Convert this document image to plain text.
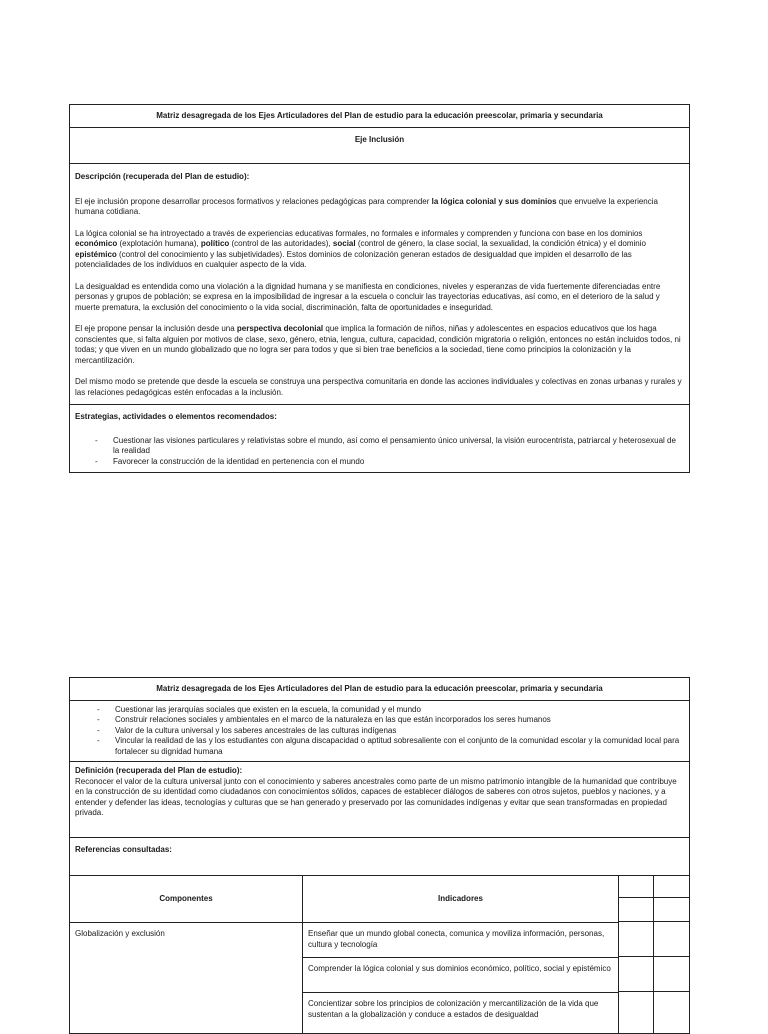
Matriz desagregada de los Ejes Articuladores del Plan de estudio para la educación preescolar, primaria y secundaria
Eje Inclusión

Descripción (recuperada del Plan de estudio):

El eje inclusión propone desarrollar procesos formativos y relaciones pedagógicas para comprender la lógica colonial y sus dominios que envuelve la experiencia humana cotidiana.

La lógica colonial se ha introyectado a través de experiencias educativas formales, no formales e informales y comprenden y funciona con base en los dominios económico (explotación humana), político (control de las autoridades), social (control de género, la clase social, la sexualidad, la condición étnica) y el dominio epistémico (control del conocimiento y las subjetividades). Estos dominios de colonización generan estados de desigualdad que impiden el desarrollo de las potencialidades de los individuos en cualquier aspecto de la vida.

La desigualdad es entendida como una violación a la dignidad humana y se manifiesta en condiciones, niveles y esperanzas de vida fuertemente diferenciadas entre personas y grupos de población; se expresa en la imposibilidad de ingresar a la escuela o concluir las trayectorias educativas, así como, en el deterioro de la salud y muerte prematura, la exclusión del conocimiento o la vida social, discriminación, falta de oportunidades e inseguridad.

El eje propone pensar la inclusión desde una perspectiva decolonial que implica la formación de niños, niñas y adolescentes en espacios educativos que los haga conscientes que, si falta alguien por motivos de clase, sexo, género, etnia, lengua, cultura, capacidad, condición migratoria o religión, entonces no están incluidos todos, ni todas; y que viven en un mundo globalizado que no logra ser para todos y que si bien trae beneficios a la sociedad, tiene como principios la colonización y la mercantilización.

Del mismo modo se pretende que desde la escuela se construya una perspectiva comunitaria en donde las acciones individuales y colectivas en zonas urbanas y rurales y las relaciones pedagógicas estén enfocadas a la inclusión.

Estrategias, actividades o elementos recomendados:

- Cuestionar las visiones particulares y relativistas sobre el mundo, así como el pensamiento único universal, la visión eurocentrista, patriarcal y heterosexual de la realidad
- Favorecer la construcción de la identidad en pertenencia con el mundo
Matriz desagregada de los Ejes Articuladores del Plan de estudio para la educación preescolar, primaria y secundaria
- Cuestionar las jerarquías sociales que existen en la escuela, la comunidad y el mundo
- Construir relaciones sociales y ambientales en el marco de la naturaleza en las que están incorporados los seres humanos
- Valor de la cultura universal y los saberes ancestrales de las culturas indígenas
- Vincular la realidad de las y los estudiantes con alguna discapacidad o aptitud sobresaliente con el conjunto de la comunidad escolar y la comunidad local para fortalecer su dignidad humana

Definición (recuperada del Plan de estudio):

Reconocer el valor de la cultura universal junto con el conocimiento y saberes ancestrales como parte de un mismo patrimonio intangible de la humanidad que contribuye en la construcción de su identidad como ciudadanos con conocimientos sólidos, capaces de establecer diálogos de saberes con otros sujetos, pueblos y naciones, y a entender y defender las ideas, tecnologías y culturas que se han generado y preservado por las comunidades indígenas y evitar que sean transformadas en propiedad privada.

Referencias consultadas:

Componentes
Globalización y exclusión
Indicadores
Enseñar que un mundo global conecta, comunica y moviliza información, personas, cultura y tecnología
Comprender la lógica colonial y sus dominios económico, político, social y epistémico
Concientizar sobre los principios de colonización y mercantilización de la vida que sustentan a la globalización y conduce a estados de desigualdad
